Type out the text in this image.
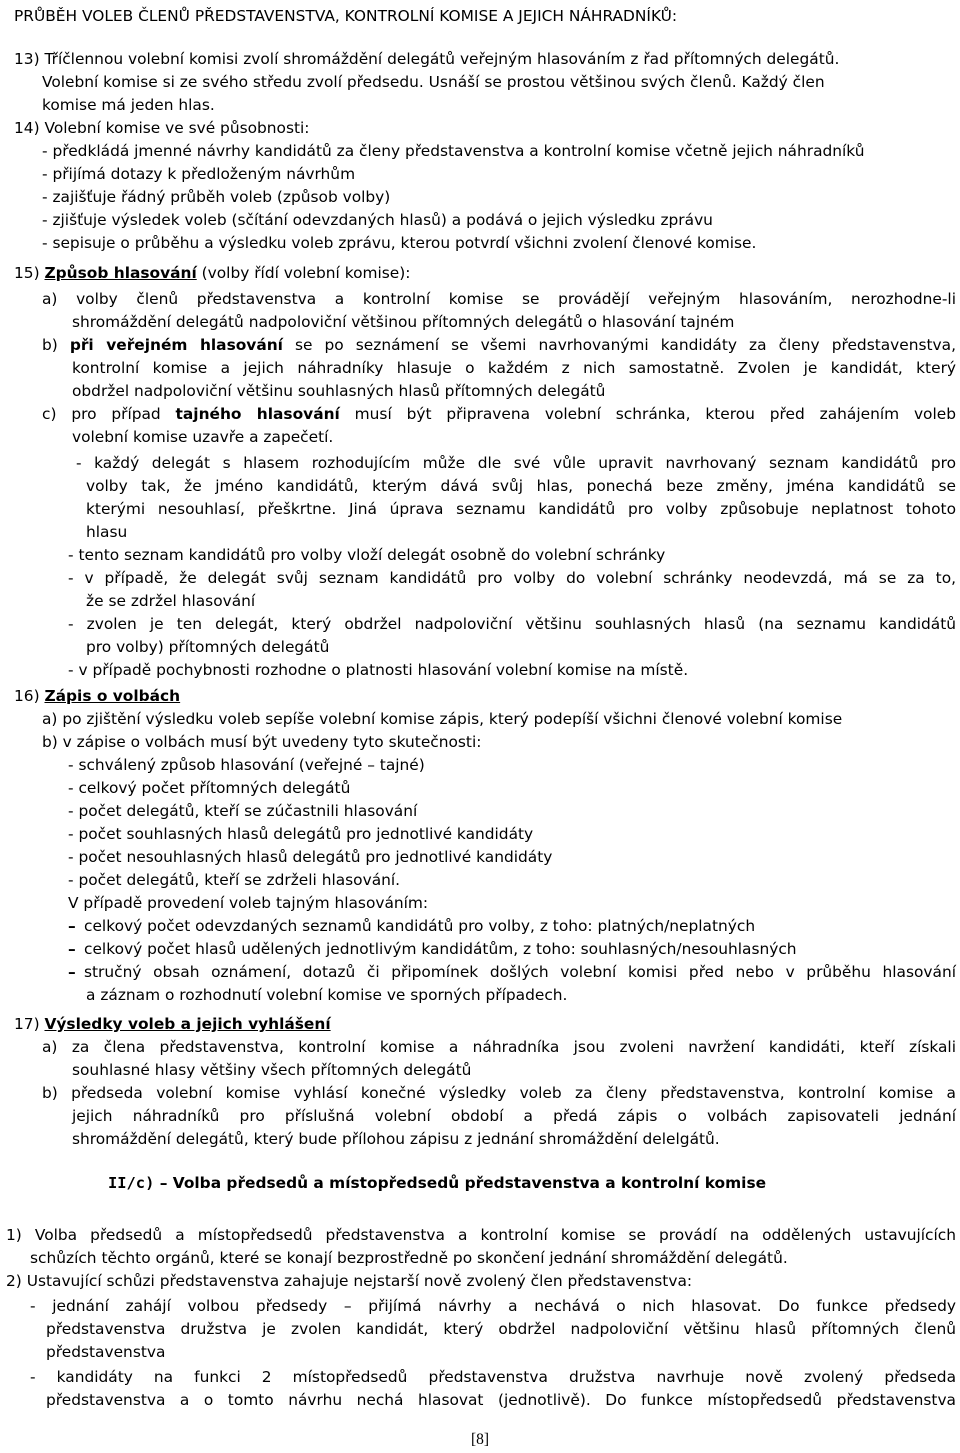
PRŮBĚH VOLEB ČLENŮ PŘEDSTAVENSTVA, KONTROLNÍ KOMISE A JEJICH NÁHRADNÍKŮ:
13) Tříčlennou volební komisi zvolí shromáždění delegátů veřejným hlasováním z řad přítomných delegátů.
Volební komise si ze svého středu zvolí předsedu. Usnáší se prostou většinou svých členů. Každý člen
komise má jeden hlas.
14) Volební komise ve své působnosti:
- předkládá jmenné návrhy kandidátů za členy představenstva a kontrolní komise včetně jejich náhradníků
- přijímá dotazy k předloženým návrhům
- zajišťuje řádný průběh voleb (způsob volby)
- zjišťuje výsledek voleb (sčítání odevzdaných hlasů) a podává o jejich výsledku zprávu
- sepisuje o průběhu a výsledku voleb zprávu, kterou potvrdí všichni zvolení členové komise.
15) Způsob hlasování (volby řídí volební komise):
a) volby členů představenstva a kontrolní komise se provádějí veřejným hlasováním, nerozhodne-li
shromáždění delegátů nadpoloviční většinou přítomných delegátů o hlasování tajném
b) při veřejném hlasování se po seznámení se všemi navrhovanými kandidáty za členy představenstva,
kontrolní komise a jejich náhradníky hlasuje o každém z nich samostatně. Zvolen je kandidát, který
obdržel nadpoloviční většinu souhlasných hlasů přítomných delegátů
c) pro případ tajného hlasování musí být připravena volební schránka, kterou před zahájením voleb
volební komise uzavře a zapečetí.
- každý delegát s hlasem rozhodujícím může dle své vůle upravit navrhovaný seznam kandidátů pro
volby tak, že jméno kandidátů, kterým dává svůj hlas, ponechá beze změny, jména kandidátů se
kterými nesouhlasí, přeškrtne. Jiná úprava seznamu kandidátů pro volby způsobuje neplatnost tohoto
hlasu
- tento seznam kandidátů pro volby vloží delegát osobně do volební schránky
- v případě, že delegát svůj seznam kandidátů pro volby do volební schránky neodevzdá, má se za to,
že se zdržel hlasování
- zvolen je ten delegát, který obdržel nadpoloviční většinu souhlasných hlasů (na seznamu kandidátů
pro volby) přítomných delegátů
- v případě pochybnosti rozhodne o platnosti hlasování volební komise na místě.
16) Zápis o volbách
a) po zjištění výsledku voleb sepíše volební komise zápis, který podepíší všichni členové volební komise
b) v zápise o volbách musí být uvedeny tyto skutečnosti:
- schválený způsob hlasování (veřejné – tajné)
- celkový počet přítomných delegátů
- počet delegátů, kteří se zúčastnili hlasování
- počet souhlasných hlasů delegátů pro jednotlivé kandidáty
- počet nesouhlasných hlasů delegátů pro jednotlivé kandidáty
- počet delegátů, kteří se zdrželi hlasování.
V případě provedení voleb tajným hlasováním:
– celkový počet odevzdaných seznamů kandidátů pro volby, z toho: platných/neplatných
– celkový počet hlasů udělených jednotlivým kandidátům, z toho: souhlasných/nesouhlasných
– stručný obsah oznámení, dotazů či připomínek došlých volební komisi před nebo v průběhu hlasování
a záznam o rozhodnutí volební komise ve sporných případech.
17) Výsledky voleb a jejich vyhlášení
a) za člena představenstva, kontrolní komise a náhradníka jsou zvoleni navržení kandidáti, kteří získali
souhlasné hlasy většiny všech přítomných delegátů
b) předseda volební komise vyhlásí konečné výsledky voleb za členy představenstva, kontrolní komise a
jejich náhradníků pro příslušná volební období a předá zápis o volbách zapisovateli jednání
shromáždění delegátů, který bude přílohou zápisu z jednání shromáždění delelgátů.
II/c) – Volba předsedů a místopředsedů představenstva a kontrolní komise
1) Volba předsedů a místopředsedů představenstva a kontrolní komise se provádí na oddělených ustavujících
schůzích těchto orgánů, které se konají bezprostředně po skončení jednání shromáždění delegátů.
2) Ustavující schůzi představenstva zahajuje nejstarší nově zvolený člen představenstva:
- jednání zahájí volbou předsedy – přijímá návrhy a nechává o nich hlasovat. Do funkce předsedy
představenstva družstva je zvolen kandidát, který obdržel nadpoloviční většinu hlasů přítomných členů
představenstva
- kandidáty na funkci 2 místopředsedů představenstva družstva navrhuje nově zvolený předseda
představenstva a o tomto návrhu nechá hlasovat (jednotlivě). Do funkce místopředsedů představenstva
[8]
